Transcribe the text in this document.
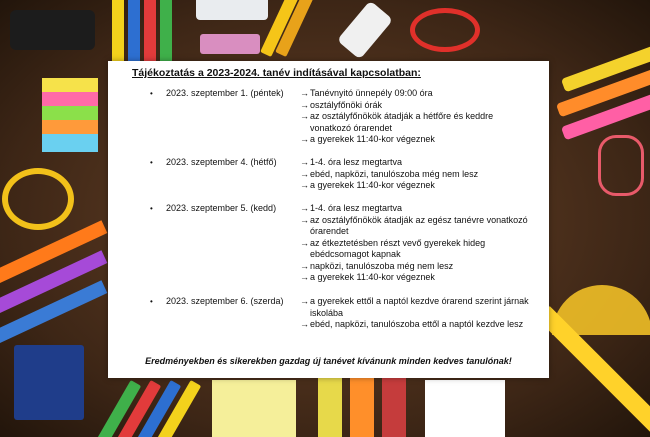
Tájékoztatás a 2023-2024. tanév indításával kapcsolatban:
• 2023. szeptember 1. (péntek) → Tanévnyitó ünnepély 09:00 óra
→ osztályfőnöki órák
→ az osztályfőnökök átadják a hétfőre és keddre vonatkozó órarendet
→ a gyerekek 11:40-kor végeznek
• 2023. szeptember 4. (hétfő)	→ 1-4. óra lesz megtartva
→ ebéd, napközi, tanulószoba még nem lesz
→ a gyerekek 11:40-kor végeznek
• 2023. szeptember 5. (kedd)	→ 1-4. óra lesz megtartva
→ az osztályfőnökök átadják az egész tanévre vonatkozó órarendet
→ az étkeztetésben részt vevő gyerekek hideg ebédcsomagot kapnak
→ napközi, tanulószoba még nem lesz
→ a gyerekek 11:40-kor végeznek
• 2023. szeptember 6. (szerda) → a gyerekek ettől a naptól kezdve órarend szerint járnak iskolába
→ ebéd, napközi, tanulószoba ettől a naptól kezdve lesz
Eredményekben és sikerekben gazdag új tanévet kívánunk minden kedves tanulónak!
